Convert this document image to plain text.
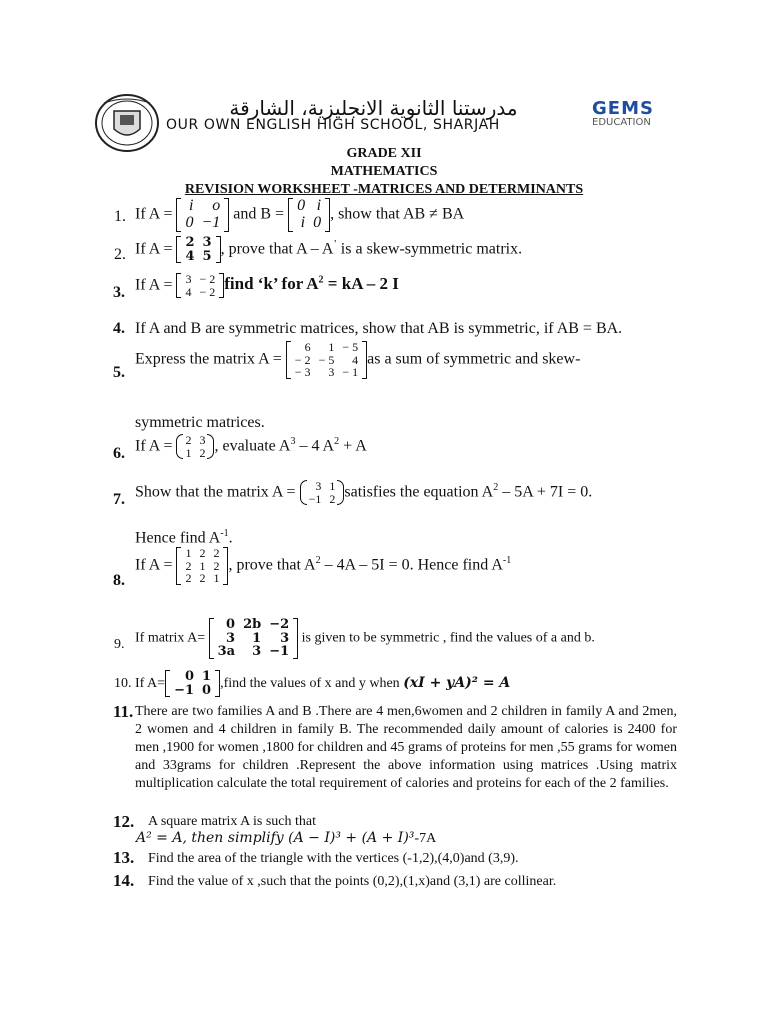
مدرستنا الثانوية الانجليزية، الشارقة
OUR OWN ENGLISH HIGH SCHOOL, SHARJAH
GEMS
EDUCATION
GRADE XII
MATHEMATICS
REVISION WORKSHEET -MATRICES AND DETERMINANTS
1. If A = i	o
0	−1 and B = 0	i
i	0 , show that AB ≠ BA
2. If A = 2	3
4	5 , prove that A – A’ is a skew-symmetric matrix.
3. If A = 3	− 2
4	− 2 find ‘k’ for $A^2$ = kA – 2 I
4. If A and B are symmetric matrices, show that AB is symmetric, if AB = BA.
5.
Express the matrix A =
6	1	− 5
− 2	− 5	4
− 3	3	− 1
as a sum of symmetric and skew-
symmetric matrices.
6. If A = 2	3
1	2 , evaluate $A^3 - 4$ $A^2 + A$
7. Show that the matrix A = 3	1
−1	2 satisfies the equation $A^2 - 5A + 7I = 0$.
Hence find $A^{-1}$.
8.
If A =
1	2	2
2	1	2
2	2	1
, prove that $A^2 - 4A - 5I = 0$. Hence find $A^{-1}$
9. If matrix A=
0	2b	−2
3	1	3
3a	3	−1
is given to be symmetric , find the values of a and b.
10. If A= 0	1
−1	0 ,find the values of x and y when (xI + yA)² = A
11. There are two families A and B .There are 4 men,6women and 2 children in family A and 2men, 2 women and 4 children in family B. The recommended daily amount of calories is 2400 for men ,1900 for women ,1800 for children and 45 grams of proteins for men ,55 grams for women and 33grams for children .Represent the above information using matrices .Using matrix multiplication calculate the total requirement of calories and proteins for each of the 2 families.
12. A square matrix A is such that
A² = A, then simplify (A − I)³ + (A + I)³-7A
13. Find the area of the triangle with the vertices (-1,2),(4,0)and (3,9).
14. Find the value of x ,such that the points (0,2),(1,x)and (3,1) are collinear.
